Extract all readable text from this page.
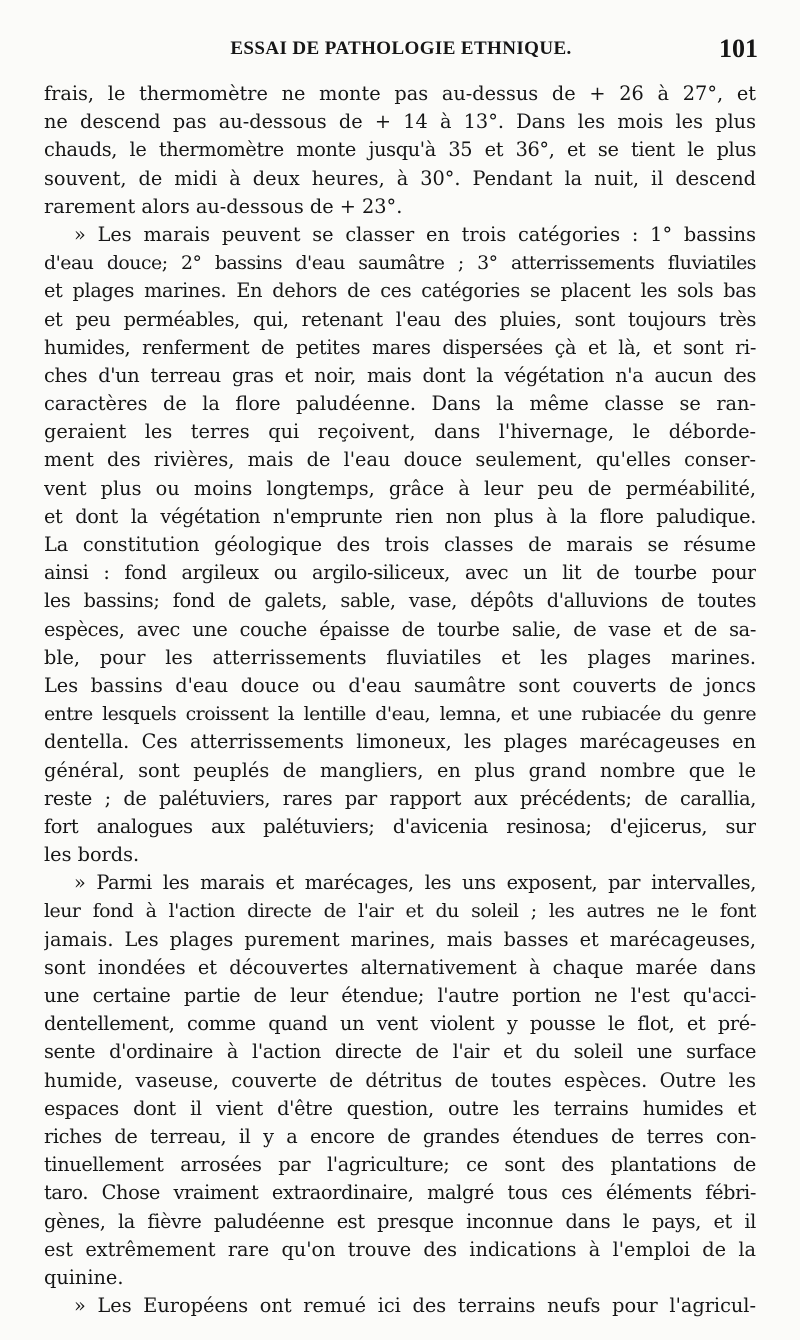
ESSAI DE PATHOLOGIE ETHNIQUE.	101
frais, le thermomètre ne monte pas au-dessus de + 26 à 27°, et
ne descend pas au-dessous de + 14 à 13°. Dans les mois les plus
chauds, le thermomètre monte jusqu'à 35 et 36°, et se tient le plus
souvent, de midi à deux heures, à 30°. Pendant la nuit, il descend
rarement alors au-dessous de + 23°.
» Les marais peuvent se classer en trois catégories : 1° bassins
d'eau douce; 2° bassins d'eau saumâtre ; 3° atterrissements fluviatiles
et plages marines. En dehors de ces catégories se placent les sols bas
et peu perméables, qui, retenant l'eau des pluies, sont toujours très
humides, renferment de petites mares dispersées çà et là, et sont ri-
ches d'un terreau gras et noir, mais dont la végétation n'a aucun des
caractères de la flore paludéenne. Dans la même classe se ran-
geraient les terres qui reçoivent, dans l'hivernage, le déborde-
ment des rivières, mais de l'eau douce seulement, qu'elles conser-
vent plus ou moins longtemps, grâce à leur peu de perméabilité,
et dont la végétation n'emprunte rien non plus à la flore paludique.
La constitution géologique des trois classes de marais se résume
ainsi : fond argileux ou argilo-siliceux, avec un lit de tourbe pour
les bassins; fond de galets, sable, vase, dépôts d'alluvions de toutes
espèces, avec une couche épaisse de tourbe salie, de vase et de sa-
ble, pour les atterrissements fluviatiles et les plages marines.
Les bassins d'eau douce ou d'eau saumâtre sont couverts de joncs
entre lesquels croissent la lentille d'eau, lemna, et une rubiacée du genre
dentella. Ces atterrissements limoneux, les plages marécageuses en
général, sont peuplés de mangliers, en plus grand nombre que le
reste ; de palétuviers, rares par rapport aux précédents; de carallia,
fort analogues aux palétuviers; d'avicenia resinosa; d'ejicerus, sur
les bords.
» Parmi les marais et marécages, les uns exposent, par intervalles,
leur fond à l'action directe de l'air et du soleil ; les autres ne le font
jamais. Les plages purement marines, mais basses et marécageuses,
sont inondées et découvertes alternativement à chaque marée dans
une certaine partie de leur étendue; l'autre portion ne l'est qu'acci-
dentellement, comme quand un vent violent y pousse le flot, et pré-
sente d'ordinaire à l'action directe de l'air et du soleil une surface
humide, vaseuse, couverte de détritus de toutes espèces. Outre les
espaces dont il vient d'être question, outre les terrains humides et
riches de terreau, il y a encore de grandes étendues de terres con-
tinuellement arrosées par l'agriculture; ce sont des plantations de
taro. Chose vraiment extraordinaire, malgré tous ces éléments fébri-
gènes, la fièvre paludéenne est presque inconnue dans le pays, et il
est extrêmement rare qu'on trouve des indications à l'emploi de la
quinine.
» Les Européens ont remué ici des terrains neufs pour l'agricul-
